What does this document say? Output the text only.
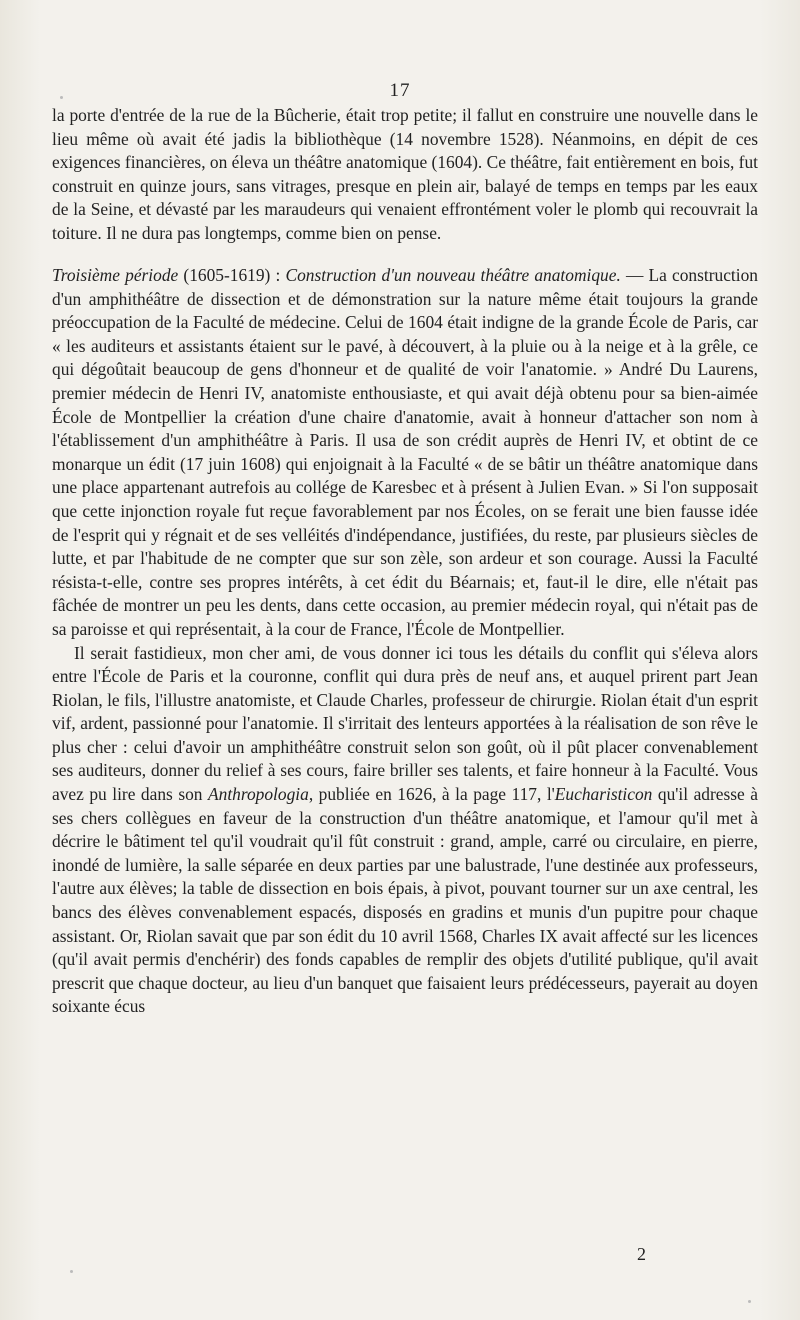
17

la porte d'entrée de la rue de la Bûcherie, était trop petite; il fallut en construire une nouvelle dans le lieu même où avait été jadis la bibliothèque (14 novembre 1528). Néanmoins, en dépit de ces exigences financières, on éleva un théâtre anatomique (1604). Ce théâtre, fait entièrement en bois, fut construit en quinze jours, sans vitrages, presque en plein air, balayé de temps en temps par les eaux de la Seine, et dévasté par les maraudeurs qui venaient effrontément voler le plomb qui recouvrait la toiture. Il ne dura pas longtemps, comme bien on pense.

Troisième période (1605-1619) : Construction d'un nouveau théâtre anatomique. — La construction d'un amphithéâtre de dissection et de démonstration sur la nature même était toujours la grande préoccupation de la Faculté de médecine. Celui de 1604 était indigne de la grande École de Paris, car « les auditeurs et assistants étaient sur le pavé, à découvert, à la pluie ou à la neige et à la grêle, ce qui dégoûtait beaucoup de gens d'honneur et de qualité de voir l'anatomie. » André Du Laurens, premier médecin de Henri IV, anatomiste enthousiaste, et qui avait déjà obtenu pour sa bien-aimée École de Montpellier la création d'une chaire d'anatomie, avait à honneur d'attacher son nom à l'établissement d'un amphithéâtre à Paris. Il usa de son crédit auprès de Henri IV, et obtint de ce monarque un édit (17 juin 1608) qui enjoignait à la Faculté « de se bâtir un théâtre anatomique dans une place appartenant autrefois au collége de Karesbec et à présent à Julien Evan. » Si l'on supposait que cette injonction royale fut reçue favorablement par nos Écoles, on se ferait une bien fausse idée de l'esprit qui y régnait et de ses velléités d'indépendance, justifiées, du reste, par plusieurs siècles de lutte, et par l'habitude de ne compter que sur son zèle, son ardeur et son courage. Aussi la Faculté résista-t-elle, contre ses propres intérêts, à cet édit du Béarnais; et, faut-il le dire, elle n'était pas fâchée de montrer un peu les dents, dans cette occasion, au premier médecin royal, qui n'était pas de sa paroisse et qui représentait, à la cour de France, l'École de Montpellier.

Il serait fastidieux, mon cher ami, de vous donner ici tous les détails du conflit qui s'éleva alors entre l'École de Paris et la couronne, conflit qui dura près de neuf ans, et auquel prirent part Jean Riolan, le fils, l'illustre anatomiste, et Claude Charles, professeur de chirurgie. Riolan était d'un esprit vif, ardent, passionné pour l'anatomie. Il s'irritait des lenteurs apportées à la réalisation de son rêve le plus cher : celui d'avoir un amphithéâtre construit selon son goût, où il pût placer convenablement ses auditeurs, donner du relief à ses cours, faire briller ses talents, et faire honneur à la Faculté. Vous avez pu lire dans son Anthropologia, publiée en 1626, à la page 117, l'Eucharisticon qu'il adresse à ses chers collègues en faveur de la construction d'un théâtre anatomique, et l'amour qu'il met à décrire le bâtiment tel qu'il voudrait qu'il fût construit : grand, ample, carré ou circulaire, en pierre, inondé de lumière, la salle séparée en deux parties par une balustrade, l'une destinée aux professeurs, l'autre aux élèves; la table de dissection en bois épais, à pivot, pouvant tourner sur un axe central, les bancs des élèves convenablement espacés, disposés en gradins et munis d'un pupitre pour chaque assistant. Or, Riolan savait que par son édit du 10 avril 1568, Charles IX avait affecté sur les licences (qu'il avait permis d'enchérir) des fonds capables de remplir des objets d'utilité publique, qu'il avait prescrit que chaque docteur, au lieu d'un banquet que faisaient leurs prédécesseurs, payerait au doyen soixante écus

2
